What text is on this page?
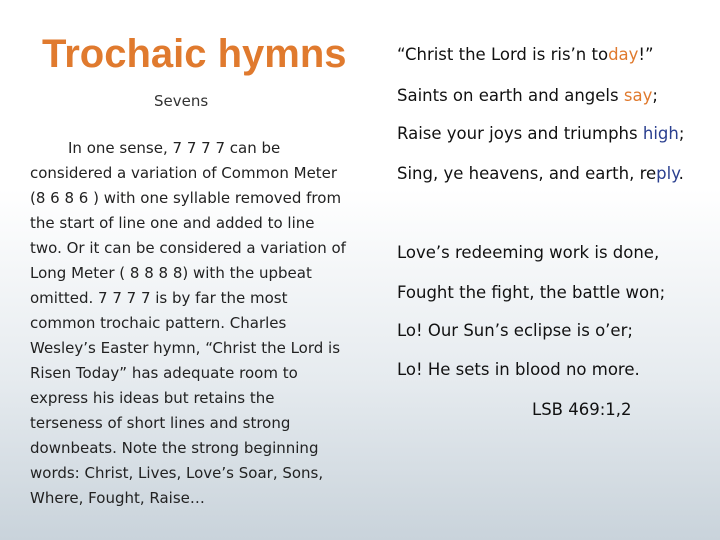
Trochaic hymns
Sevens
In one sense, 7 7 7 7 can be considered a variation of Common Meter (8 6 8 6 ) with one syllable removed from the start of line one and added to line two. Or it can be considered a variation of Long Meter ( 8 8 8 8) with the upbeat omitted. 7 7 7 7 is by far the most common trochaic pattern. Charles Wesley’s Easter hymn, “Christ the Lord is Risen Today” has adequate room to express his ideas but retains the terseness of short lines and strong downbeats. Note the strong beginning words: Christ, Lives, Love’s Soar, Sons, Where, Fought, Raise…
“Christ the Lord is ris’n today!”
Saints on earth and angels say;
Raise your joys and triumphs high;
Sing, ye heavens, and earth, reply.
Love’s redeeming work is done,
Fought the fight, the battle won;
Lo! Our Sun’s eclipse is o’er;
Lo! He sets in blood no more.
LSB 469:1,2
